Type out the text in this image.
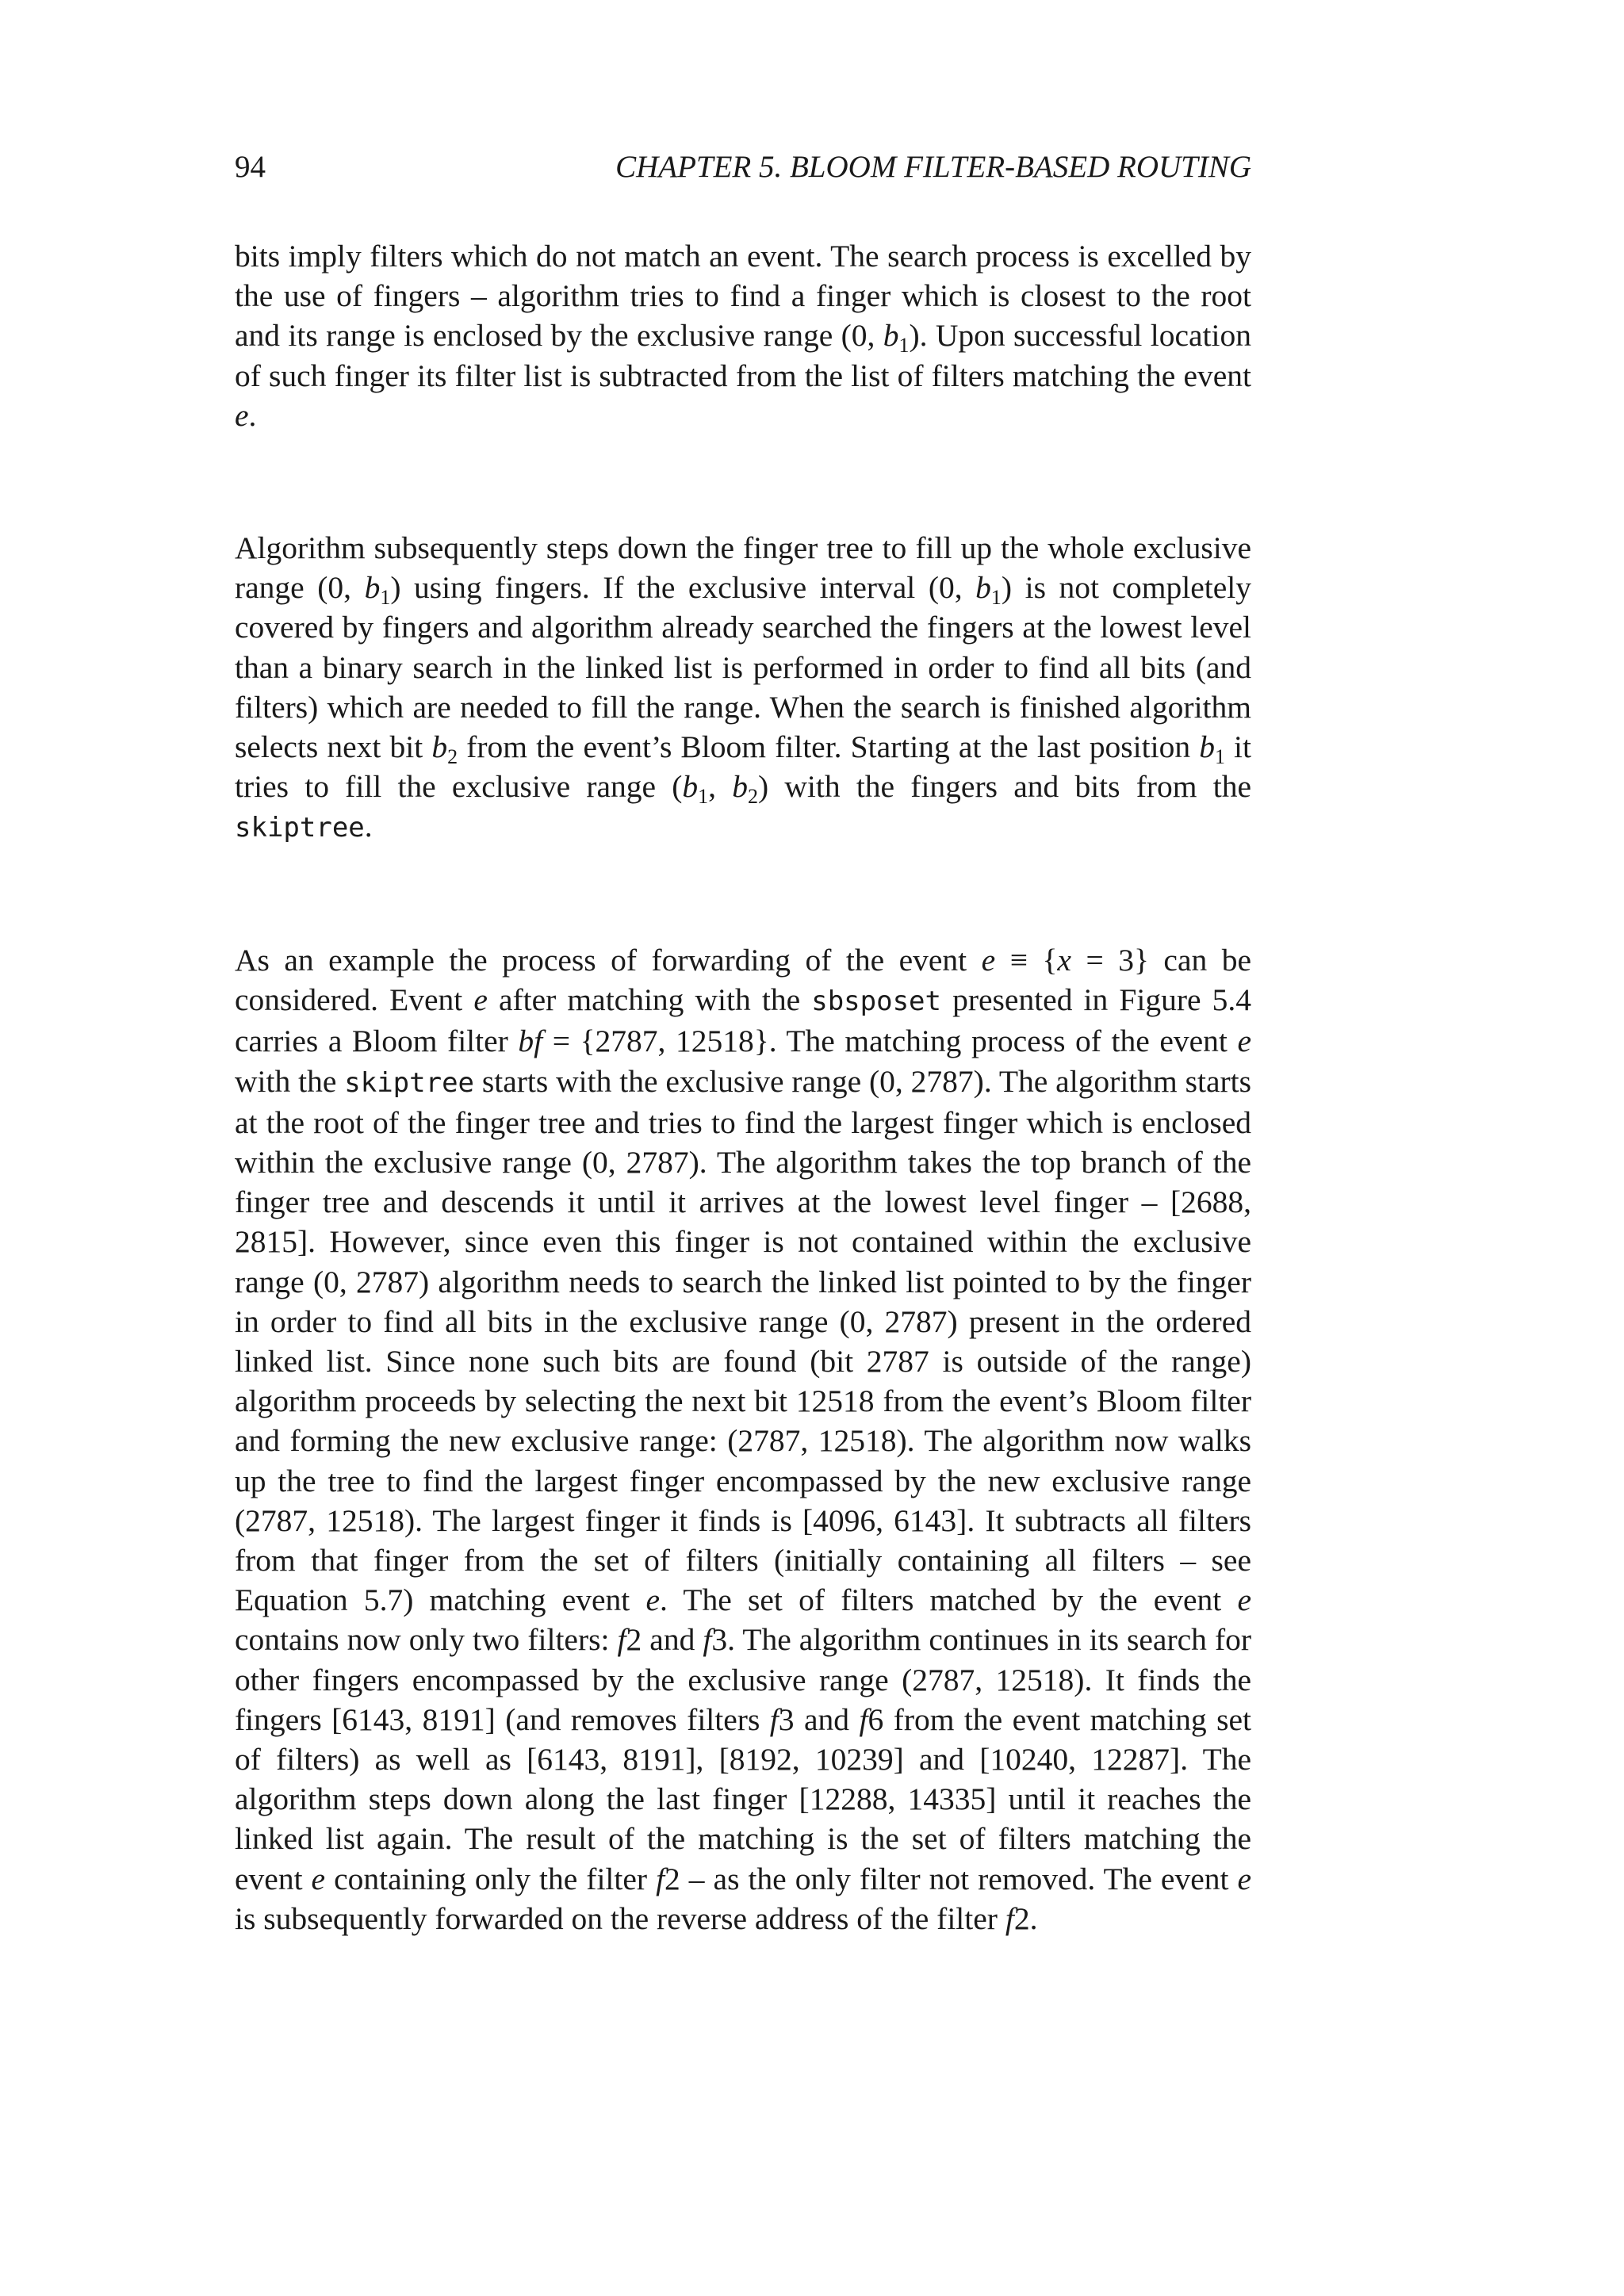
94	CHAPTER 5. BLOOM FILTER-BASED ROUTING

bits imply filters which do not match an event. The search process is excelled by the use of fingers – algorithm tries to find a finger which is closest to the root and its range is enclosed by the exclusive range (0, $b_1$). Upon successful location of such finger its filter list is subtracted from the list of filters matching the event e.

Algorithm subsequently steps down the finger tree to fill up the whole exclusive range (0, $b_1$) using fingers. If the exclusive interval (0, $b_1$) is not completely covered by fingers and algorithm already searched the fingers at the lowest level than a binary search in the linked list is performed in order to find all bits (and filters) which are needed to fill the range. When the search is finished algorithm selects next bit $b_2$ from the event’s Bloom filter. Starting at the last position $b_1$ it tries to fill the exclusive range ($b_1$, $b_2$) with the fingers and bits from the skiptree.

As an example the process of forwarding of the event e ≡ {x = 3} can be considered. Event e after matching with the sbsposet presented in Figure 5.4 carries a Bloom filter bf = {2787, 12518}. The matching process of the event e with the skiptree starts with the exclusive range (0, 2787). The algorithm starts at the root of the finger tree and tries to find the largest finger which is enclosed within the exclusive range (0, 2787). The algorithm takes the top branch of the finger tree and descends it until it arrives at the lowest level finger – [2688, 2815]. However, since even this finger is not contained within the exclusive range (0, 2787) algorithm needs to search the linked list pointed to by the finger in order to find all bits in the exclusive range (0, 2787) present in the ordered linked list. Since none such bits are found (bit 2787 is outside of the range) algorithm proceeds by selecting the next bit 12518 from the event’s Bloom filter and forming the new exclusive range: (2787, 12518). The algorithm now walks up the tree to find the largest finger encompassed by the new exclusive range (2787, 12518). The largest finger it finds is [4096, 6143]. It subtracts all filters from that finger from the set of filters (initially containing all filters – see Equation 5.7) matching event e. The set of filters matched by the event e contains now only two filters: f2 and f3. The algorithm continues in its search for other fingers encompassed by the exclusive range (2787, 12518). It finds the fingers [6143, 8191] (and removes filters f3 and f6 from the event matching set of filters) as well as [6143, 8191], [8192, 10239] and [10240, 12287]. The algorithm steps down along the last finger [12288, 14335] until it reaches the linked list again. The result of the matching is the set of filters matching the event e containing only the filter f2 – as the only filter not removed. The event e is subsequently forwarded on the reverse address of the filter f2.
